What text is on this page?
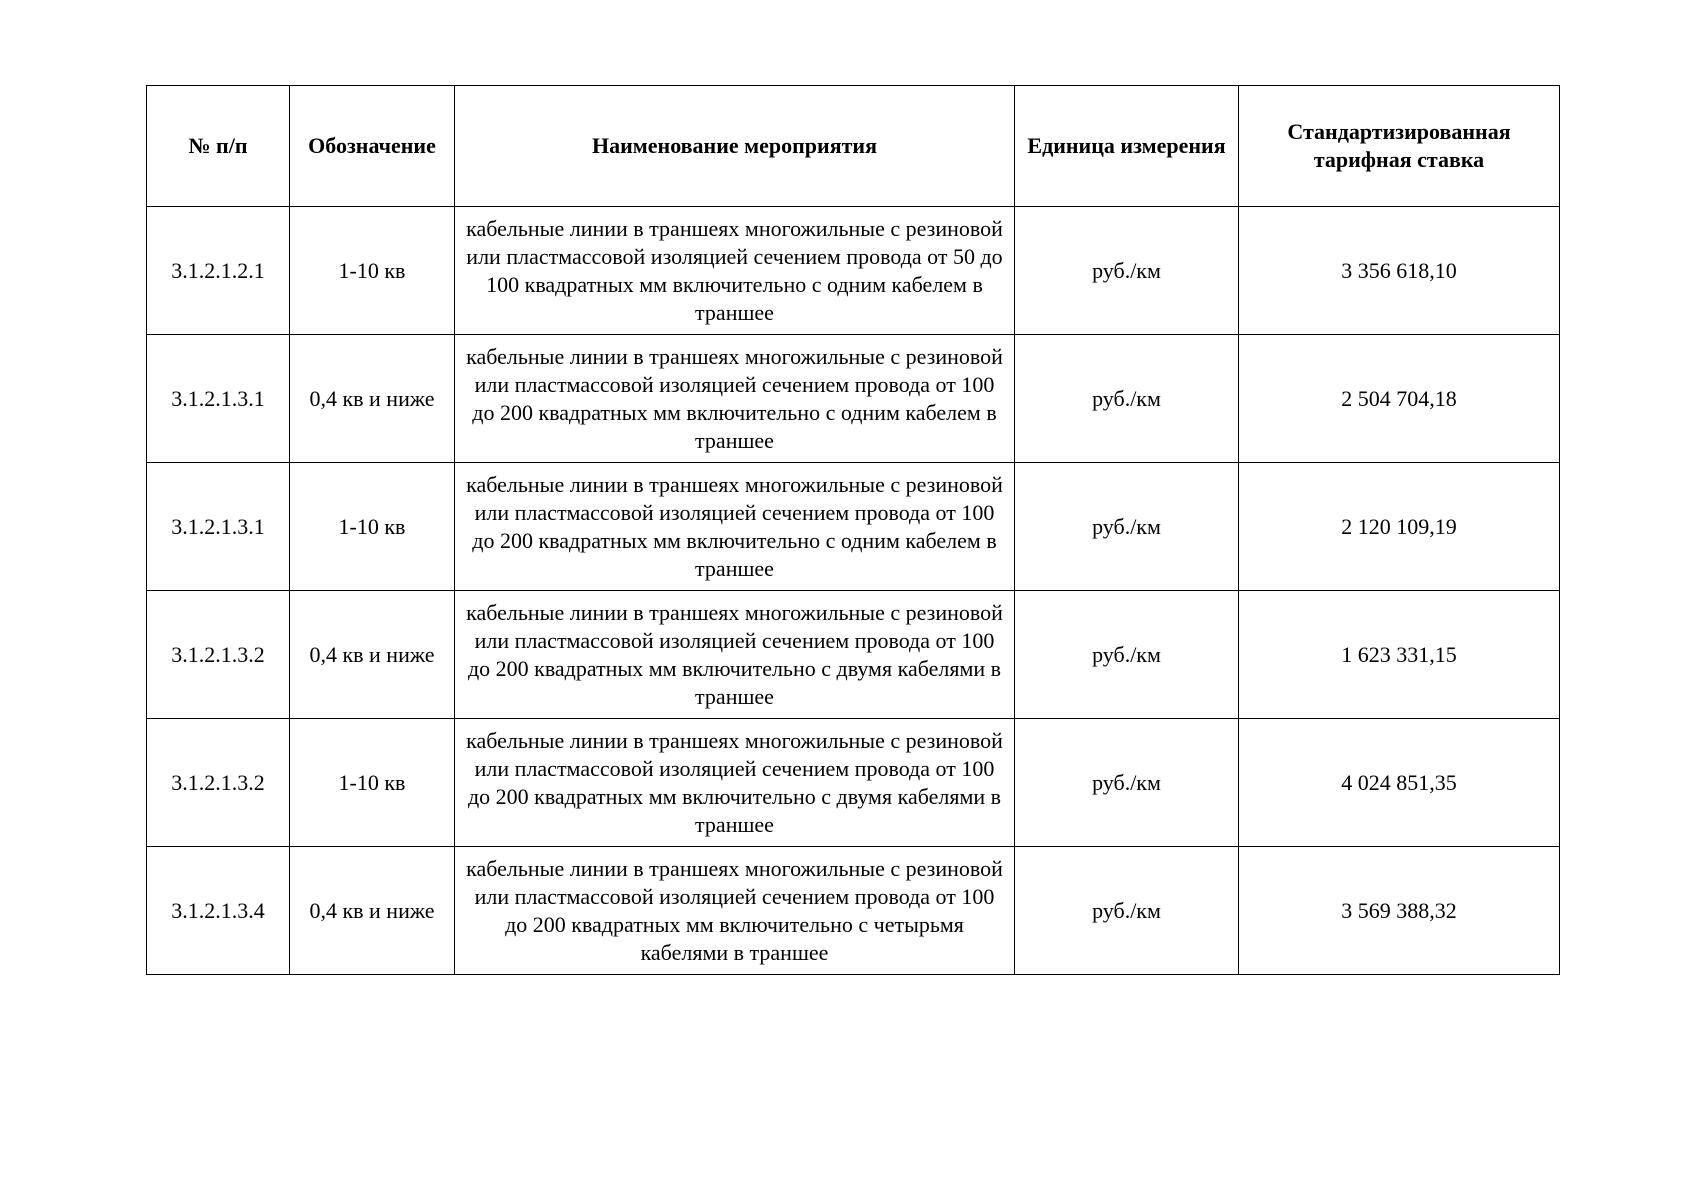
№ п/п	Обозначение	Наименование мероприятия	Единица измерения	Стандартизированная тарифная ставка
3.1.2.1.2.1	1-10 кв	кабельные линии в траншеях многожильные с резиновой или пластмассовой изоляцией сечением провода от 50 до 100 квадратных мм включительно с одним кабелем в траншее	руб./км	3 356 618,10
3.1.2.1.3.1	0,4 кв и ниже	кабельные линии в траншеях многожильные с резиновой или пластмассовой изоляцией сечением провода от 100 до 200 квадратных мм включительно с одним кабелем в траншее	руб./км	2 504 704,18
3.1.2.1.3.1	1-10 кв	кабельные линии в траншеях многожильные с резиновой или пластмассовой изоляцией сечением провода от 100 до 200 квадратных мм включительно с одним кабелем в траншее	руб./км	2 120 109,19
3.1.2.1.3.2	0,4 кв и ниже	кабельные линии в траншеях многожильные с резиновой или пластмассовой изоляцией сечением провода от 100 до 200 квадратных мм включительно с двумя кабелями в траншее	руб./км	1 623 331,15
3.1.2.1.3.2	1-10 кв	кабельные линии в траншеях многожильные с резиновой или пластмассовой изоляцией сечением провода от 100 до 200 квадратных мм включительно с двумя кабелями в траншее	руб./км	4 024 851,35
3.1.2.1.3.4	0,4 кв и ниже	кабельные линии в траншеях многожильные с резиновой или пластмассовой изоляцией сечением провода от 100 до 200 квадратных мм включительно с четырьмя кабелями в траншее	руб./км	3 569 388,32
